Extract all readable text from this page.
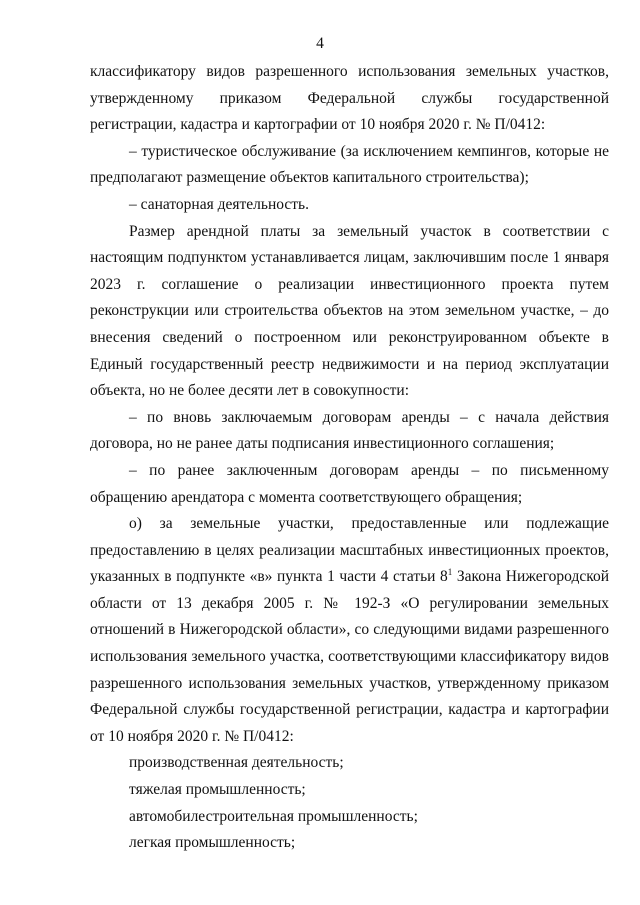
4

классификатору видов разрешенного использования земельных участков, утвержденному приказом Федеральной службы государственной регистрации, кадастра и картографии от 10 ноября 2020 г. № П/0412:

– туристическое обслуживание (за исключением кемпингов, которые не предполагают размещение объектов капитального строительства);

– санаторная деятельность.

Размер арендной платы за земельный участок в соответствии с настоящим подпунктом устанавливается лицам, заключившим после 1 января 2023 г. соглашение о реализации инвестиционного проекта путем реконструкции или строительства объектов на этом земельном участке, – до внесения сведений о построенном или реконструированном объекте в Единый государственный реестр недвижимости и на период эксплуатации объекта, но не более десяти лет в совокупности:

– по вновь заключаемым договорам аренды – с начала действия договора, но не ранее даты подписания инвестиционного соглашения;

– по ранее заключенным договорам аренды – по письменному обращению арендатора с момента соответствующего обращения;

о) за земельные участки, предоставленные или подлежащие предоставлению в целях реализации масштабных инвестиционных проектов, указанных в подпункте «в» пункта 1 части 4 статьи $8^1$ Закона Нижегородской области от 13 декабря 2005 г. № 192-З «О регулировании земельных отношений в Нижегородской области», со следующими видами разрешенного использования земельного участка, соответствующими классификатору видов разрешенного использования земельных участков, утвержденному приказом Федеральной службы государственной регистрации, кадастра и картографии от 10 ноября 2020 г. № П/0412:

производственная деятельность;

тяжелая промышленность;

автомобилестроительная промышленность;

легкая промышленность;
